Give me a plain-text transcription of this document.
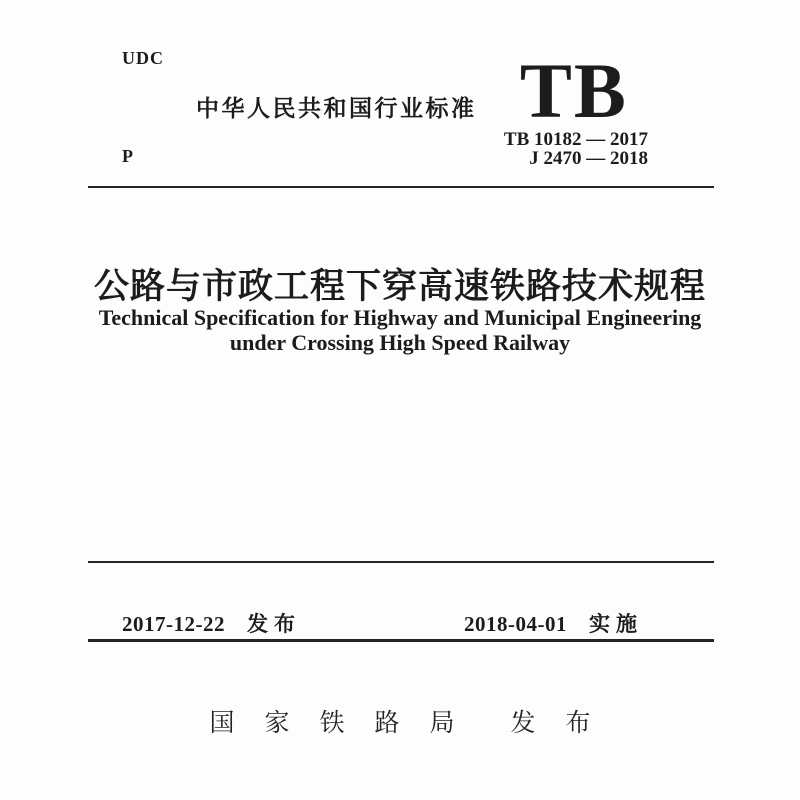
UDC
中华人民共和国行业标准
P
TB
TB 10182 — 2017
J 2470 — 2018
公路与市政工程下穿高速铁路技术规程
Technical Specification for Highway and Municipal Engineering
under Crossing High Speed Railway
2017-12-22 发布	2018-04-01 实施
国家铁路局 发布
